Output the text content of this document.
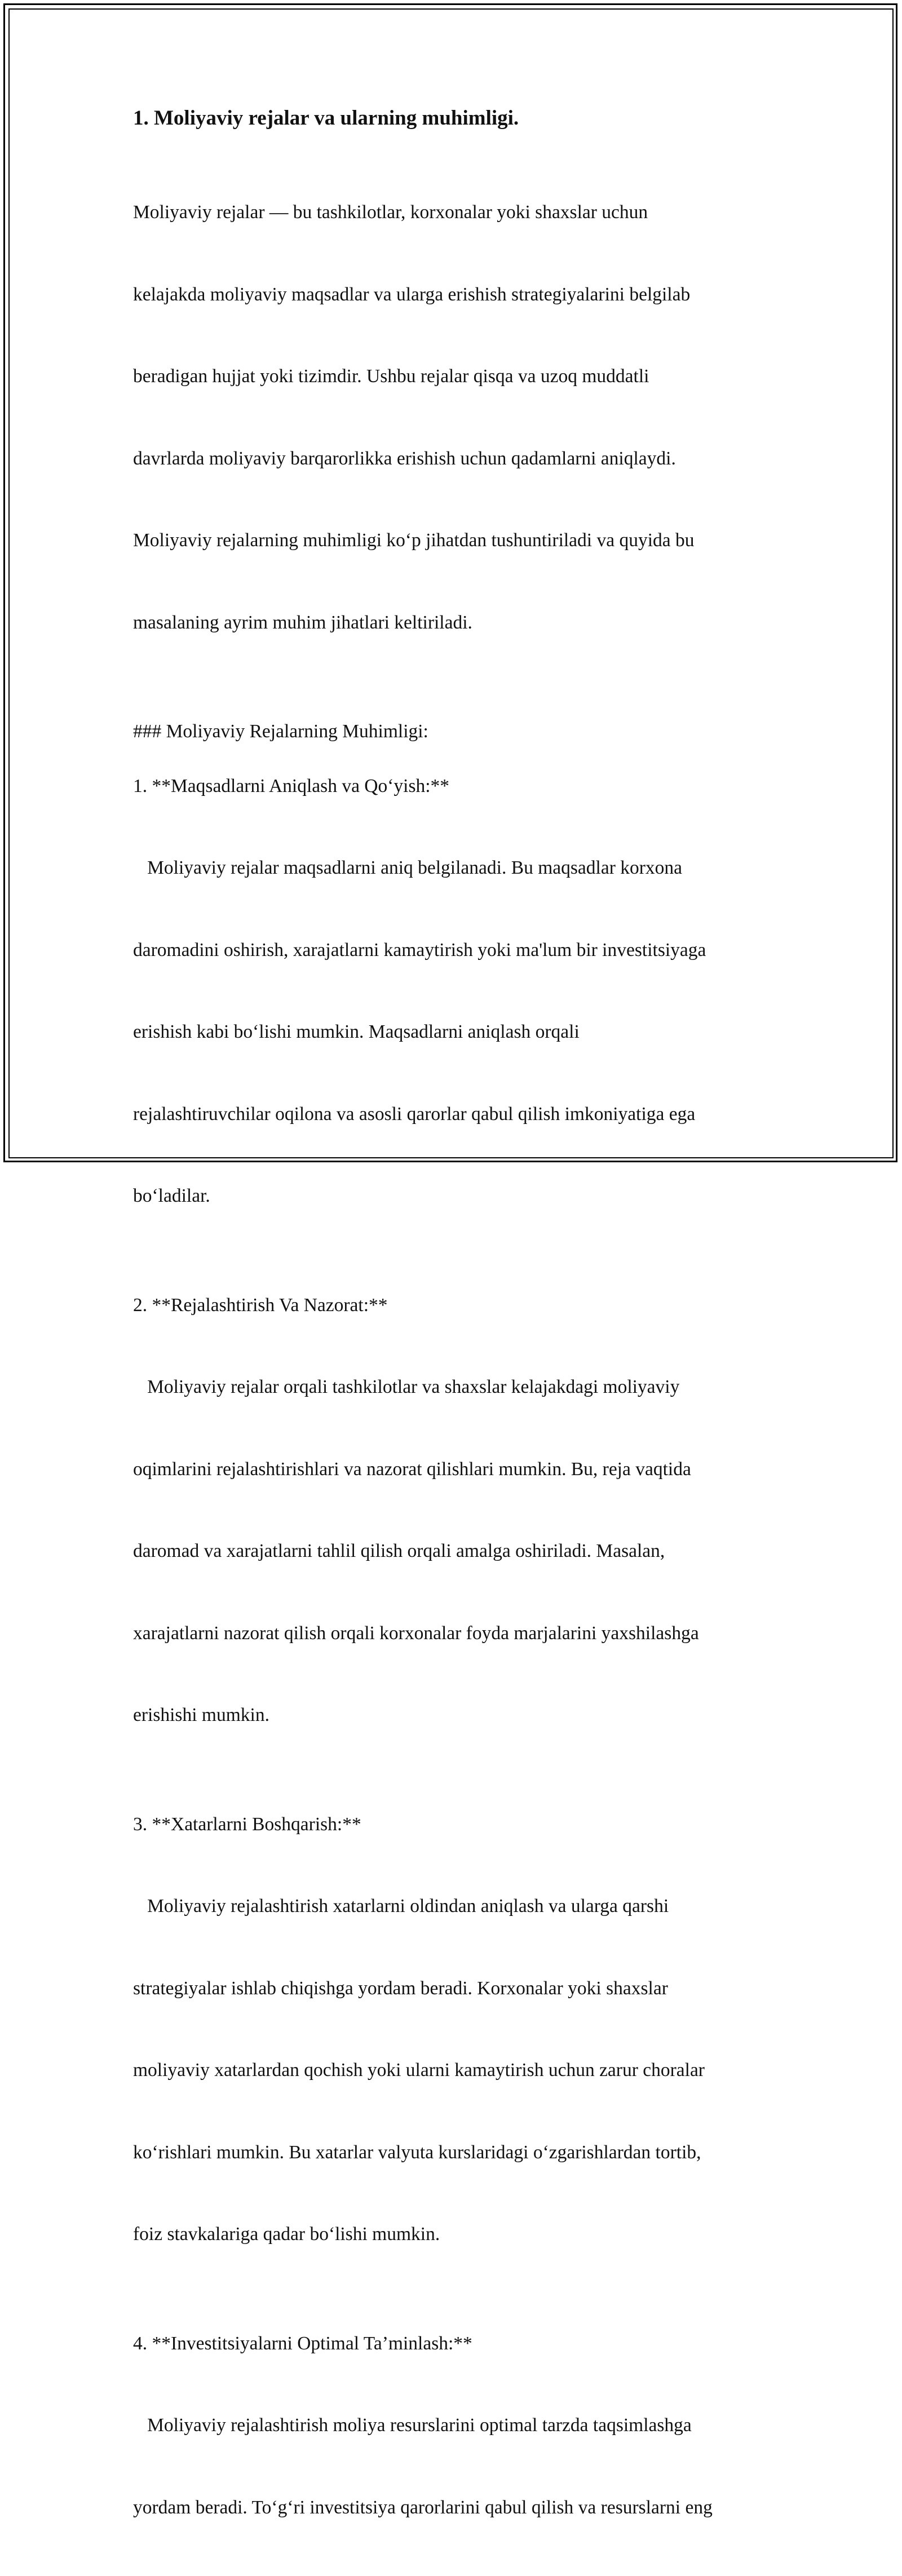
1. Moliyaviy rejalar va ularning muhimligi.

Moliyaviy rejalar — bu tashkilotlar, korxonalar yoki shaxslar uchun

kelajakda moliyaviy maqsadlar va ularga erishish strategiyalarini belgilab

beradigan hujjat yoki tizimdir. Ushbu rejalar qisqa va uzoq muddatli

davrlarda moliyaviy barqarorlikka erishish uchun qadamlarni aniqlaydi.

Moliyaviy rejalarning muhimligi ko‘p jihatdan tushuntiriladi va quyida bu

masalaning ayrim muhim jihatlari keltiriladi.

### Moliyaviy Rejalarning Muhimligi:

1. **Maqsadlarni Aniqlash va Qo‘yish:**

Moliyaviy rejalar maqsadlarni aniq belgilanadi. Bu maqsadlar korxona

daromadini oshirish, xarajatlarni kamaytirish yoki ma'lum bir investitsiyaga

erishish kabi bo‘lishi mumkin. Maqsadlarni aniqlash orqali

rejalashtiruvchilar oqilona va asosli qarorlar qabul qilish imkoniyatiga ega

bo‘ladilar.

2. **Rejalashtirish Va Nazorat:**

Moliyaviy rejalar orqali tashkilotlar va shaxslar kelajakdagi moliyaviy

oqimlarini rejalashtirishlari va nazorat qilishlari mumkin. Bu, reja vaqtida

daromad va xarajatlarni tahlil qilish orqali amalga oshiriladi. Masalan,

xarajatlarni nazorat qilish orqali korxonalar foyda marjalarini yaxshilashga

erishishi mumkin.

3. **Xatarlarni Boshqarish:**

Moliyaviy rejalashtirish xatarlarni oldindan aniqlash va ularga qarshi

strategiyalar ishlab chiqishga yordam beradi. Korxonalar yoki shaxslar

moliyaviy xatarlardan qochish yoki ularni kamaytirish uchun zarur choralar

ko‘rishlari mumkin. Bu xatarlar valyuta kurslaridagi o‘zgarishlardan tortib,

foiz stavkalariga qadar bo‘lishi mumkin.

4. **Investitsiyalarni Optimal Ta’minlash:**

Moliyaviy rejalashtirish moliya resurslarini optimal tarzda taqsimlashga

yordam beradi. To‘g‘ri investitsiya qarorlarini qabul qilish va resurslarni eng
